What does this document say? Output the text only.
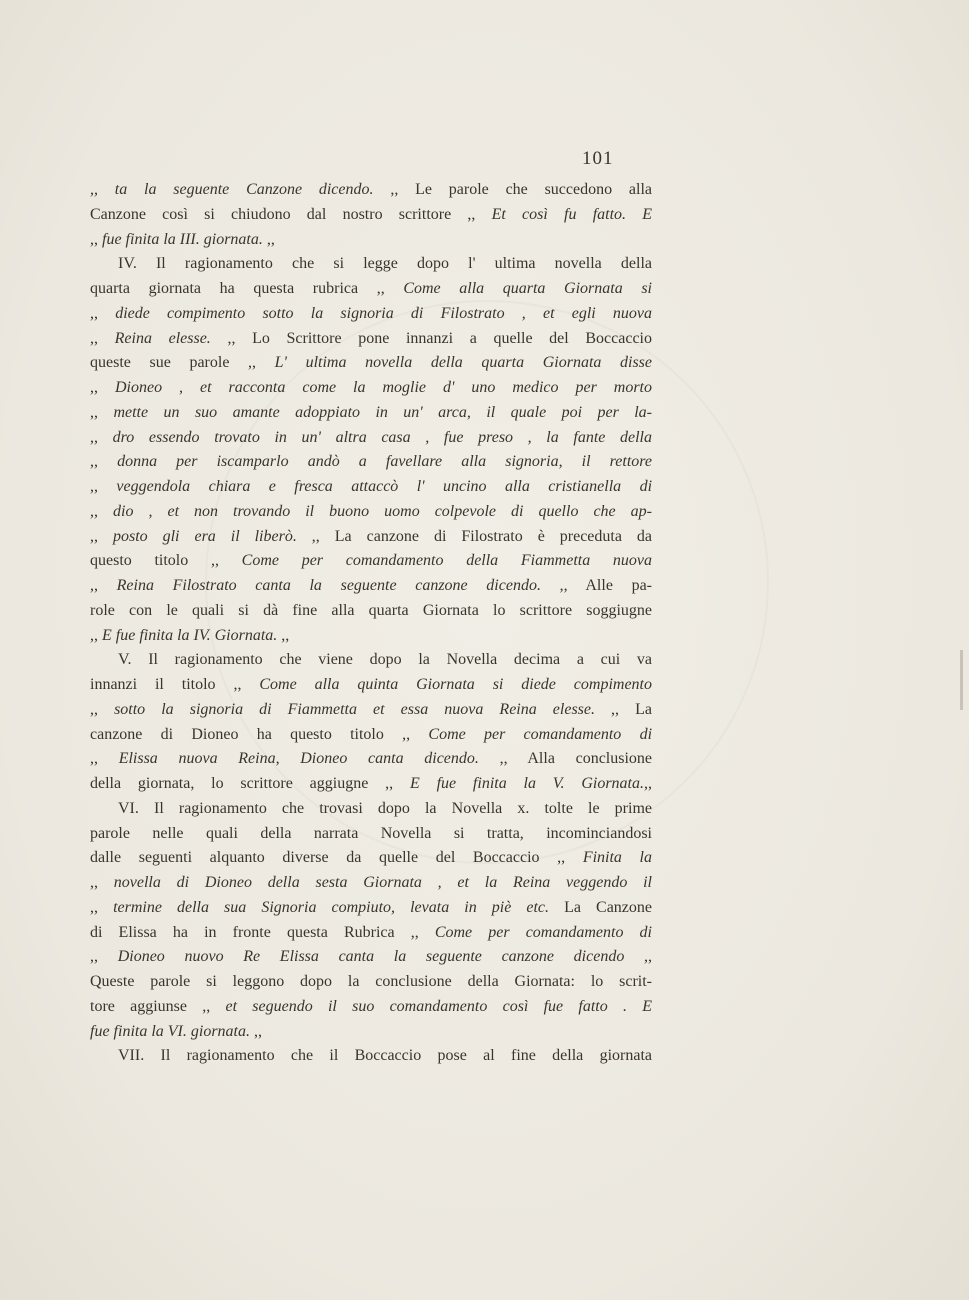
101
,, ta la seguente Canzone dicendo. ,, Le parole che succedono alla
Canzone così si chiudono dal nostro scrittore ,, Et così fu fatto. E
,, fue finita la III. giornata. ,,
IV. Il ragionamento che si legge dopo l' ultima novella della
quarta giornata ha questa rubrica ,, Come alla quarta Giornata si
,, diede compimento sotto la signoria di Filostrato , et egli nuova
,, Reina elesse. ,, Lo Scrittore pone innanzi a quelle del Boccaccio
queste sue parole ,, L' ultima novella della quarta Giornata disse
,, Dioneo , et racconta come la moglie d' uno medico per morto
,, mette un suo amante adoppiato in un' arca, il quale poi per la-
,, dro essendo trovato in un' altra casa , fue preso , la fante della
,, donna per iscamparlo andò a favellare alla signoria, il rettore
,, veggendola chiara e fresca attaccò l' uncino alla cristianella di
,, dio , et non trovando il buono uomo colpevole di quello che ap-
,, posto gli era il liberò. ,, La canzone di Filostrato è preceduta da
questo titolo ,, Come per comandamento della Fiammetta nuova
,, Reina Filostrato canta la seguente canzone dicendo. ,, Alle pa-
role con le quali si dà fine alla quarta Giornata lo scrittore soggiugne
,, E fue finita la IV. Giornata. ,,
V. Il ragionamento che viene dopo la Novella decima a cui va
innanzi il titolo ,, Come alla quinta Giornata si diede compimento
,, sotto la signoria di Fiammetta et essa nuova Reina elesse. ,, La
canzone di Dioneo ha questo titolo ,, Come per comandamento di
,, Elissa nuova Reina, Dioneo canta dicendo. ,, Alla conclusione
della giornata, lo scrittore aggiugne ,, E fue finita la V. Giornata.,,
VI. Il ragionamento che trovasi dopo la Novella x. tolte le prime
parole nelle quali della narrata Novella si tratta, incominciandosi
dalle seguenti alquanto diverse da quelle del Boccaccio ,, Finita la
,, novella di Dioneo della sesta Giornata , et la Reina veggendo il
,, termine della sua Signoria compiuto, levata in piè etc. La Canzone
di Elissa ha in fronte questa Rubrica ,, Come per comandamento di
,, Dioneo nuovo Re Elissa canta la seguente canzone dicendo ,,
Queste parole si leggono dopo la conclusione della Giornata: lo scrit-
tore aggiunse ,, et seguendo il suo comandamento così fue fatto . E
fue finita la VI. giornata. ,,
VII. Il ragionamento che il Boccaccio pose al fine della giornata
